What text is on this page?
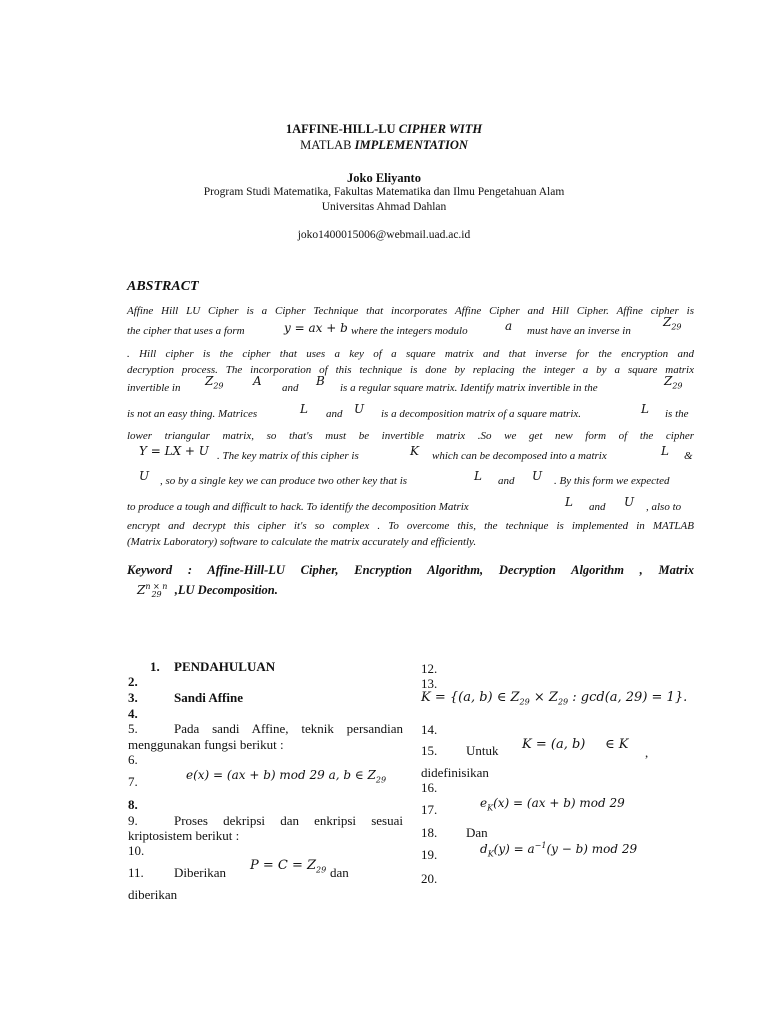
1AFFINE-HILL-LU CIPHER WITH
MATLAB IMPLEMENTATION
Joko Eliyanto
Program Studi Matematika, Fakultas Matematika dan Ilmu Pengetahuan Alam
Universitas Ahmad Dahlan
joko1400015006@webmail.uad.ac.id
ABSTRACT
Affine Hill LU Cipher is a Cipher Technique that incorporates Affine Cipher and Hill Cipher. Affine cipher is
the cipher that uses a form	y = ax + b where the integers modulo	a must have an inverse in
$Z_{29}$
. Hill cipher is the cipher that uses a key of a square matrix and that inverse for the encryption and
decryption process. The incorporation of this technique is done by replacing the integer a by a square matrix
invertible in $Z_{29}$ A and B is a regular square matrix. Identify matrix invertible in the	$Z_{29}$
is not an easy thing. Matrices	L and U is a decomposition matrix of a square matrix.	L is the
lower triangular matrix, so that's must be invertible matrix .So we get new form of the cipher
Y = LX + U . The key matrix of this cipher is	K which can be decomposed into a matrix	L &
U , so by a single key we can produce two other key that is	L and U . By this form we expected
to produce a tough and difficult to hack. To identify the decomposition Matrix	L and U , also to
encrypt and decrypt this cipher it's so complex . To overcome this, the technique is implemented in MATLAB
(Matrix Laboratory) software to calculate the matrix accurately and efficiently.
Keyword : Affine-Hill-LU Cipher, Encryption Algorithm, Decryption Algorithm , Matrix
$Z^{n \times n}_{29}$ ,LU Decomposition.
1. PENDAHULUAN
2.
3.	Sandi Affine
4.
5.	Pada sandi Affine, teknik persandian
menggunakan fungsi berikut :
6.
7.	e(x) = (ax + b) mod 29 a, b ∈ $Z_{29}$
8.
9.	Proses dekripsi dan enkripsi sesuai
kriptosistem berikut :
10.
11. Diberikan $P = C = Z_{29}$ dan
diberikan
12.
13.
K = {(a, b) ∈ $Z_{29} \times Z_{29}$ : gcd(a, 29) = 1}.
14.
15. Untuk K = (a, b) ∈ K
,
didefinisikan
16.
17.	$e_K(x) = (ax + b)$ mod 29
18. Dan
19.	$d_K(y) = a^{-1}(y - b)$ mod 29
20.
